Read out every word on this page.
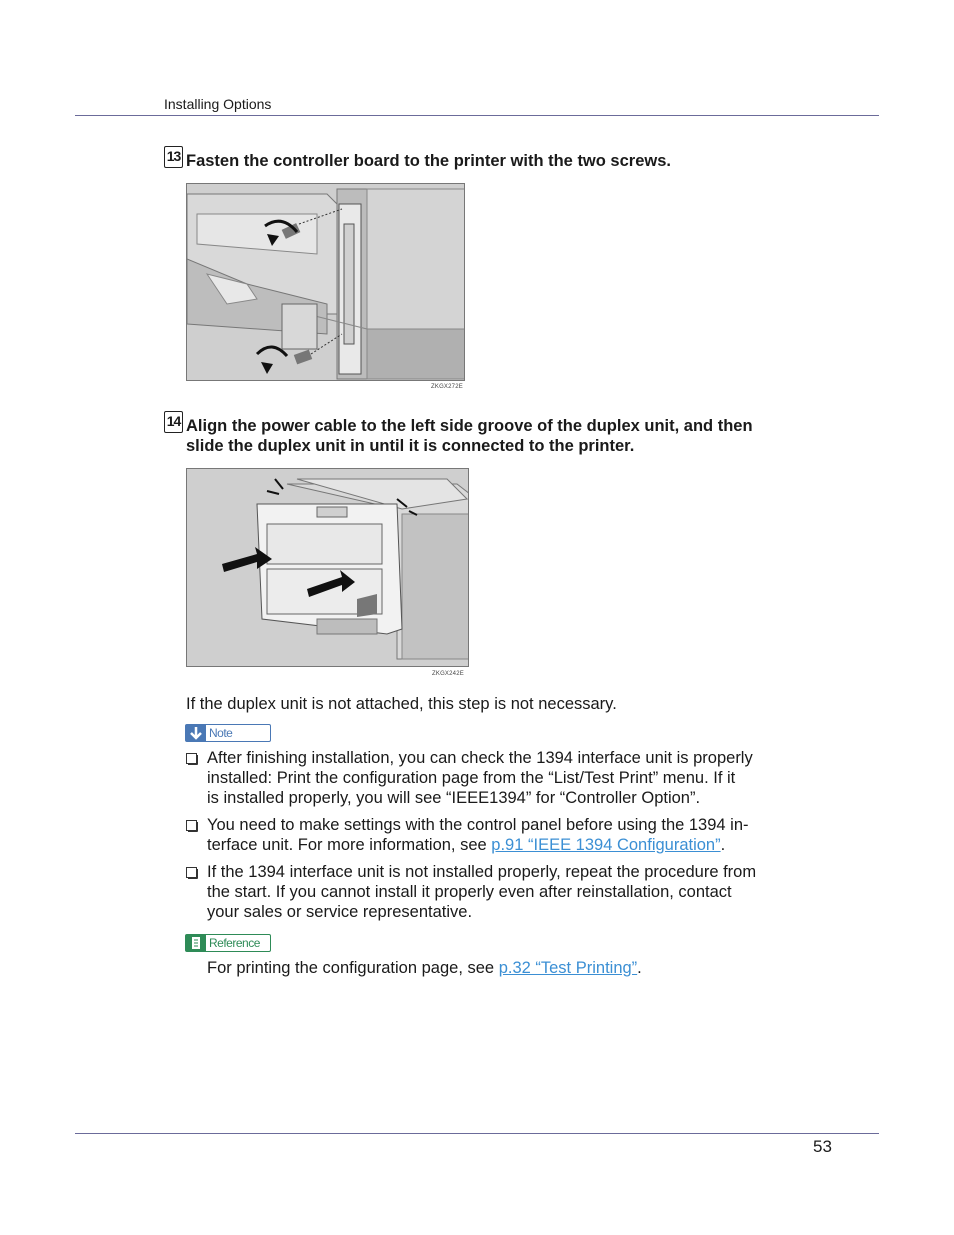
Installing Options
13 Fasten the controller board to the printer with the two screws.
ZKGX272E
14 Align the power cable to the left side groove of the duplex unit, and then
slide the duplex unit in until it is connected to the printer.
ZKGX242E
If the duplex unit is not attached, this step is not necessary.
Note
After finishing installation, you can check the 1394 interface unit is properly
installed: Print the configuration page from the “List/Test Print” menu. If it
is installed properly, you will see “IEEE1394” for “Controller Option”.
You need to make settings with the control panel before using the 1394 in-
terface unit. For more information, see p.91 “IEEE 1394 Configuration”.
If the 1394 interface unit is not installed properly, repeat the procedure from
the start. If you cannot install it properly even after reinstallation, contact
your sales or service representative.
Reference
For printing the configuration page, see p.32 “Test Printing”.
53
